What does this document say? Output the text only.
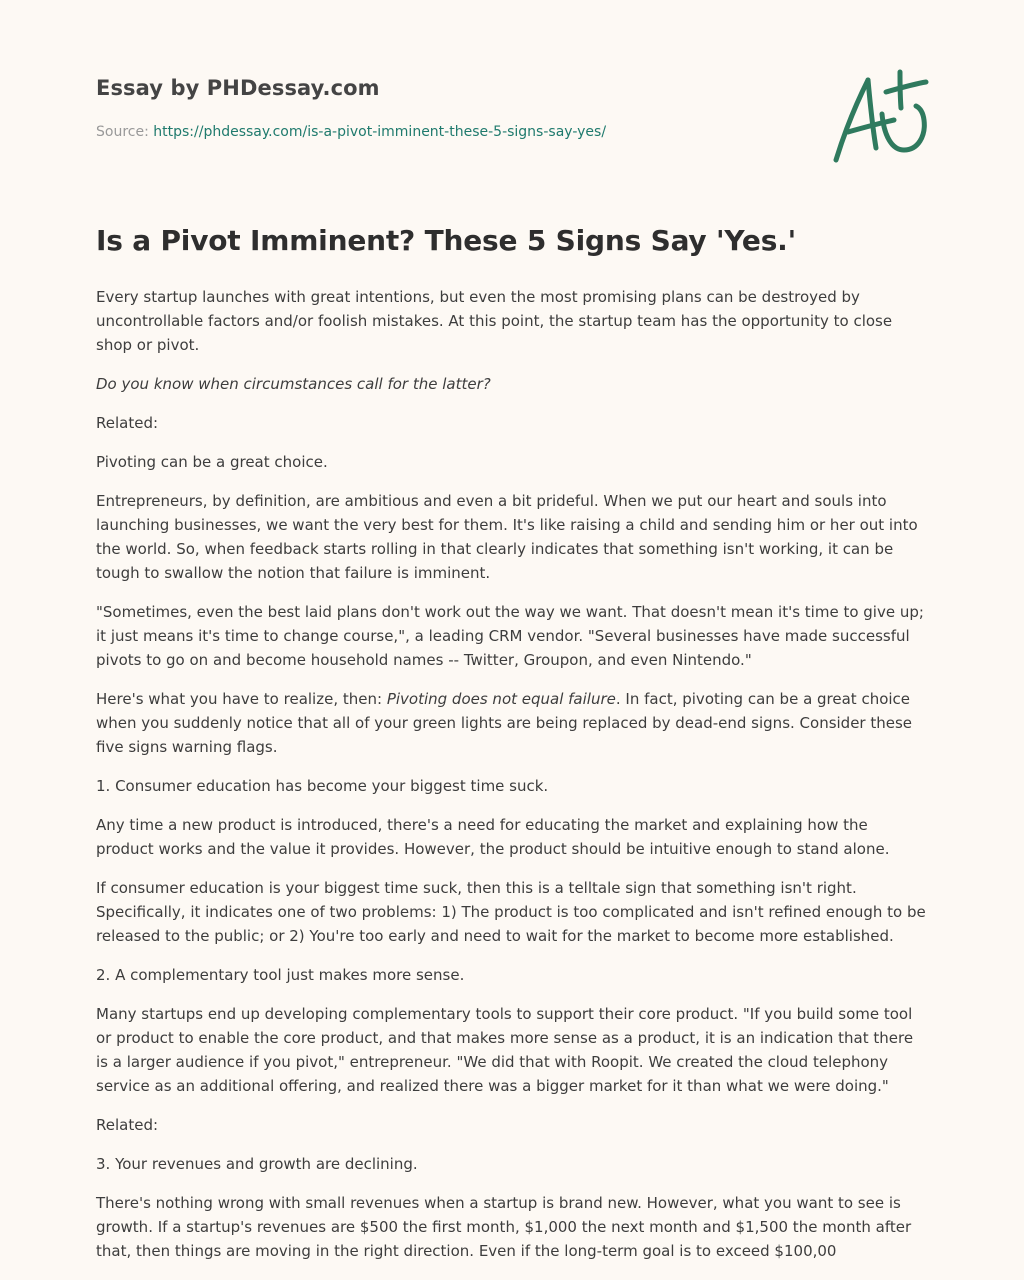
Essay by PHDessay.com
Source: https://phdessay.com/is-a-pivot-imminent-these-5-signs-say-yes/
Is a Pivot Imminent? These 5 Signs Say 'Yes.'

Every startup launches with great intentions, but even the most promising plans can be destroyed by uncontrollable factors and/or foolish mistakes. At this point, the startup team has the opportunity to close shop or pivot.

Do you know when circumstances call for the latter?

Related:

Pivoting can be a great choice.

Entrepreneurs, by definition, are ambitious and even a bit prideful. When we put our heart and souls into launching businesses, we want the very best for them. It's like raising a child and sending him or her out into the world. So, when feedback starts rolling in that clearly indicates that something isn't working, it can be tough to swallow the notion that failure is imminent.

"Sometimes, even the best laid plans don't work out the way we want. That doesn't mean it's time to give up; it just means it's time to change course,", a leading CRM vendor. "Several businesses have made successful pivots to go on and become household names -- Twitter, Groupon, and even Nintendo."

Here's what you have to realize, then: Pivoting does not equal failure. In fact, pivoting can be a great choice when you suddenly notice that all of your green lights are being replaced by dead-end signs. Consider these five signs warning flags.

1. Consumer education has become your biggest time suck.

Any time a new product is introduced, there's a need for educating the market and explaining how the product works and the value it provides. However, the product should be intuitive enough to stand alone.

If consumer education is your biggest time suck, then this is a telltale sign that something isn't right. Specifically, it indicates one of two problems: 1) The product is too complicated and isn't refined enough to be released to the public; or 2) You're too early and need to wait for the market to become more established.

2. A complementary tool just makes more sense.

Many startups end up developing complementary tools to support their core product. "If you build some tool or product to enable the core product, and that makes more sense as a product, it is an indication that there is a larger audience if you pivot," entrepreneur. "We did that with Roopit. We created the cloud telephony service as an additional offering, and realized there was a bigger market for it than what we were doing."

Related:

3. Your revenues and growth are declining.

There's nothing wrong with small revenues when a startup is brand new. However, what you want to see is growth. If a startup's revenues are $500 the first month, $1,000 the next month and $1,500 the month after that, then things are moving in the right direction. Even if the long-term goal is to exceed $100,00
